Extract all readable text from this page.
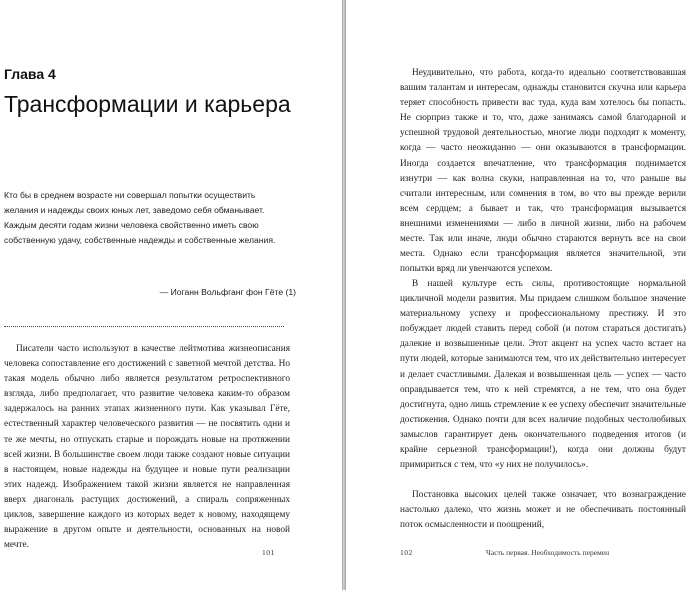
Глава 4
Трансформации и карьера
Кто бы в среднем возрасте ни совершал попытки осуществить желания и надежды своих юных лет, заведомо себя обманывает. Каждым десяти годам жизни человека свойственно иметь свою собственную удачу, собственные надежды и собственные желания.
— Иоганн Вольфганг фон Гёте (1)
Писатели часто используют в качестве лейтмотива жизнеописания человека сопоставление его достижений с заветной мечтой детства. Но такая модель обычно либо является результатом ретроспективного взгляда, либо предполагает, что развитие человека каким-то образом задержалось на ранних этапах жизненного пути. Как указывал Гёте, естественный характер человеческого развития — не посвятить одни и те же мечты, но отпускать старые и порождать новые на протяжении всей жизни. В большинстве своем люди также создают новые ситуации в настоящем, новые надежды на будущее и новые пути реализации этих надежд. Изображением такой жизни является не направленная вверх диагональ растущих достижений, а спираль сопряженных циклов, завершение каждого из которых ведет к новому, находящему выражение в другом опыте и деятельности, основанных на новой мечте.
101
Неудивительно, что работа, когда-то идеально соответствовавшая вашим талантам и интересам, однажды становится скучна или карьера теряет способность привести вас туда, куда вам хотелось бы попасть. Не сюрприз также и то, что, даже занимаясь самой благодарной и успешной трудовой деятельностью, многие люди подходят к моменту, когда — часто неожиданно — они оказываются в трансформации. Иногда создается впечатление, что трансформация поднимается изнутри — как волна скуки, направленная на то, что раньше вы считали интересным, или сомнения в том, во что вы прежде верили всем сердцем; а бывает и так, что трансформация вызывается внешними изменениями — либо в личной жизни, либо на рабочем месте. Так или иначе, люди обычно стараются вернуть все на свои места. Однако если трансформация является значительной, эти попытки вряд ли увенчаются успехом.
В нашей культуре есть силы, противостоящие нормальной цикличной модели развития. Мы придаем слишком большое значение материальному успеху и профессиональному престижу. И это побуждает людей ставить перед собой (и потом стараться достигать) далекие и возвышенные цели. Этот акцент на успех часто встает на пути людей, которые занимаются тем, что их действительно интересует и делает счастливыми. Далекая и возвышенная цель — успех — часто оправдывается тем, что к ней стремятся, а не тем, что она будет достигнута, одно лишь стремление к ее успеху обеспечит значительные достижения. Однако почти для всех наличие подобных честолюбивых замыслов гарантирует день окончательного подведения итогов (и крайне серьезной трансформации!), когда они должны будут примириться с тем, что «у них не получилось».
Постановка высоких целей также означает, что вознаграждение настолько далеко, что жизнь может и не обеспечивать постоянный поток осмысленности и поощрений,
102	Часть первая. Необходимость перемен
